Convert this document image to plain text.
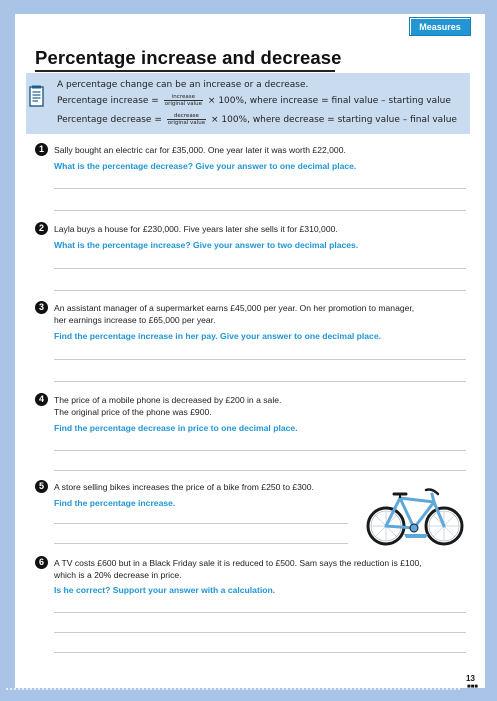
Measures
Percentage increase and decrease
A percentage change can be an increase or a decrease.
Percentage increase = $\frac{\text{increase}}{\text{original value}} \times 100\%$, where increase = final value – starting value
Percentage decrease = $\frac{\text{decrease}}{\text{original value}} \times 100\%$, where decrease = starting value – final value
1	Sally bought an electric car for £35,000. One year later it was worth £22,000.
What is the percentage decrease? Give your answer to one decimal place.
2	Layla buys a house for £230,000. Five years later she sells it for £310,000.
What is the percentage increase? Give your answer to two decimal places.
3	An assistant manager of a supermarket earns £45,000 per year. On her promotion to manager,
her earnings increase to £65,000 per year.
Find the percentage increase in her pay. Give your answer to one decimal place.
4	The price of a mobile phone is decreased by £200 in a sale.
The original price of the phone was £900.
Find the percentage decrease in price to one decimal place.
5	A store selling bikes increases the price of a bike from £250 to £300.
Find the percentage increase.
6	A TV costs £600 but in a Black Friday sale it is reduced to £500. Sam says the reduction is £100,
which is a 20% decrease in price.
Is he correct? Support your answer with a calculation.
13
■■■
